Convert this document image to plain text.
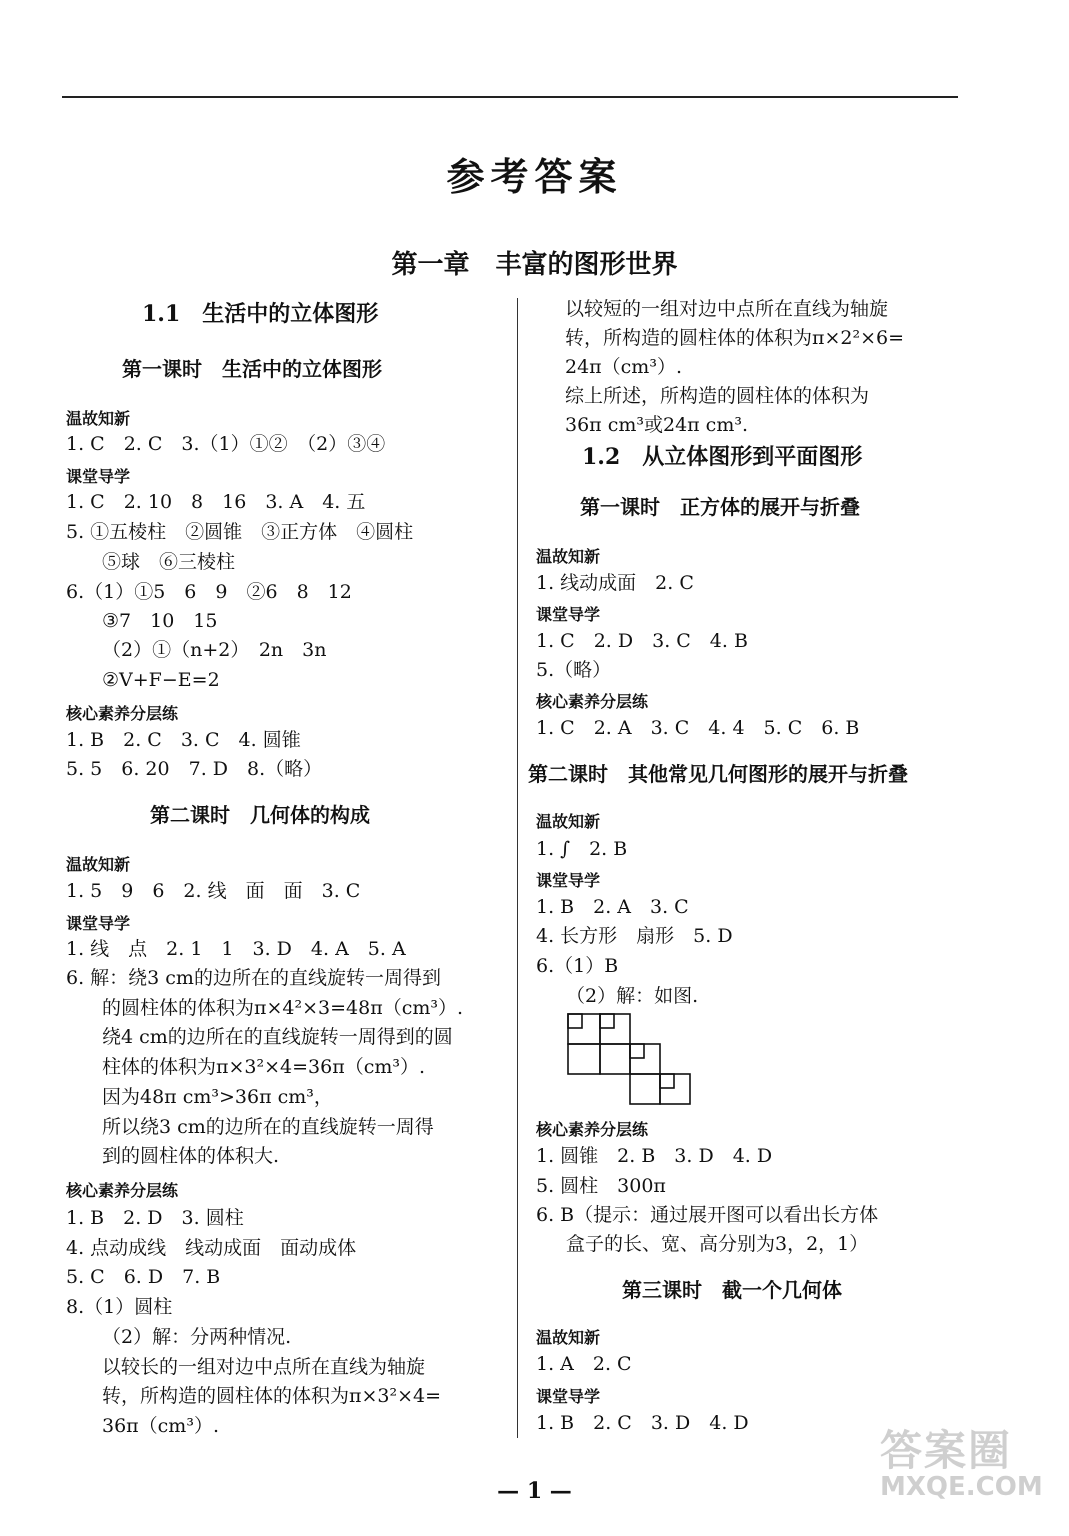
参考答案
第一章　丰富的图形世界
1.1　生活中的立体图形
第一课时　生活中的立体图形
温故知新
1. C　2. C　3.（1）①②　（2）③④
课堂导学
1. C　2. 10　8　16　3. A　4. 五
5. ①五棱柱　②圆锥　③正方体　④圆柱
⑤球　⑥三棱柱
6.（1）①5　6　9　②6　8　12
③7　10　15
（2）①（n+2）　2n　3n
②V+F−E=2
核心素养分层练
1. B　2. C　3. C　4. 圆锥
5. 5　6. 20　7. D　8.（略）
第二课时　几何体的构成
温故知新
1. 5　9　6　2. 线　面　面　3. C
课堂导学
1. 线　点　2. 1　1　3. D　4. A　5. A
6. 解：绕3 cm的边所在的直线旋转一周得到
的圆柱体的体积为π×4²×3=48π（cm³）.
绕4 cm的边所在的直线旋转一周得到的圆
柱体的体积为π×3²×4=36π（cm³）.
因为48π cm³>36π cm³，
所以绕3 cm的边所在的直线旋转一周得
到的圆柱体的体积大.
核心素养分层练
1. B　2. D　3. 圆柱
4. 点动成线　线动成面　面动成体
5. C　6. D　7. B
8.（1）圆柱
（2）解：分两种情况.
以较长的一组对边中点所在直线为轴旋
转，所构造的圆柱体的体积为π×3²×4=
36π（cm³）.
以较短的一组对边中点所在直线为轴旋
转，所构造的圆柱体的体积为π×2²×6=
24π（cm³）.
综上所述，所构造的圆柱体的体积为
36π cm³或24π cm³.
1.2　从立体图形到平面图形
第一课时　正方体的展开与折叠
温故知新
1. 线动成面　2. C
课堂导学
1. C　2. D　3. C　4. B
5.（略）
核心素养分层练
1. C　2. A　3. C　4. 4　5. C　6. B
第二课时　其他常见几何图形的展开与折叠
温故知新
1. ∫　2. B
课堂导学
1. B　2. A　3. C
4. 长方形　扇形　5. D
6.（1）B
（2）解：如图.
核心素养分层练
1. 圆锥　2. B　3. D　4. D
5. 圆柱　300π
6. B（提示：通过展开图可以看出长方体
盒子的长、宽、高分别为3，2，1）
第三课时　截一个几何体
温故知新
1. A　2. C
课堂导学
1. B　2. C　3. D　4. D
— 1 —
答案圈
MXQE.COM
